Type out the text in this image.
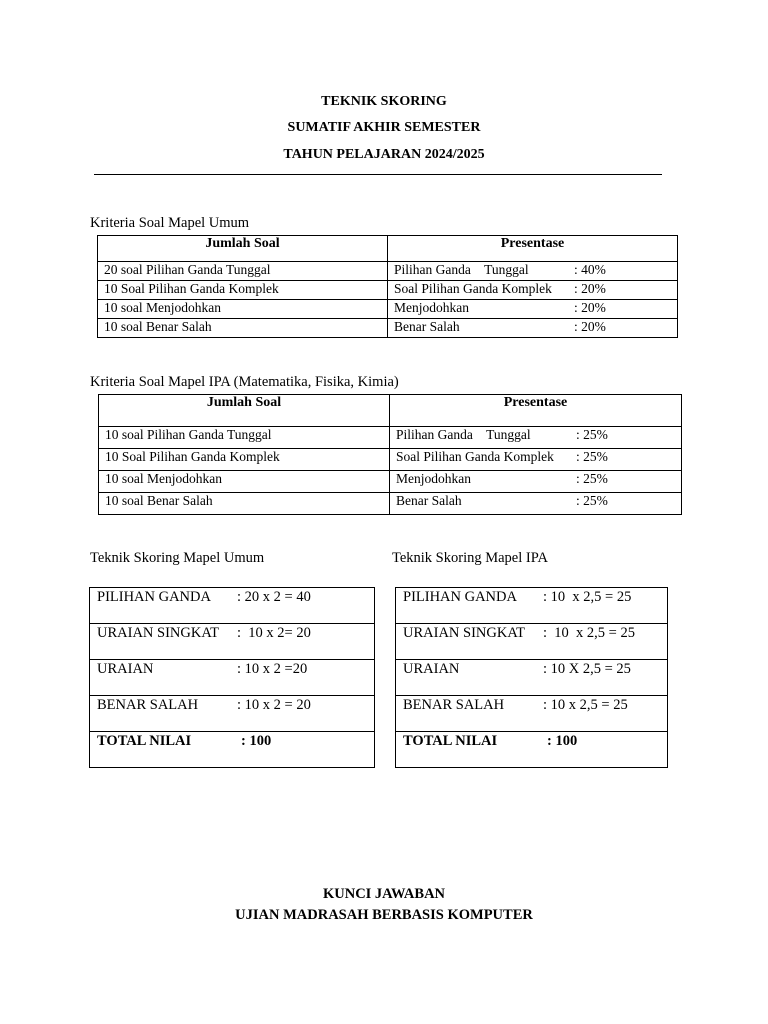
TEKNIK SKORING
SUMATIF AKHIR SEMESTER
TAHUN PELAJARAN 2024/2025
Kriteria Soal Mapel Umum
Jumlah Soal	Presentase
20 soal Pilihan Ganda Tunggal	Pilihan Ganda    Tunggal : 40%
10 Soal Pilihan Ganda Komplek	Soal Pilihan Ganda Komplek : 20%
10 soal Menjodohkan	Menjodohkan : 20%
10 soal Benar Salah	Benar Salah : 20%
Kriteria Soal Mapel IPA (Matematika, Fisika, Kimia)
Jumlah Soal	Presentase
10 soal Pilihan Ganda Tunggal	Pilihan Ganda    Tunggal : 25%
10 Soal Pilihan Ganda Komplek	Soal Pilihan Ganda Komplek : 25%
10 soal Menjodohkan	Menjodohkan : 25%
10 soal Benar Salah	Benar Salah : 25%
Teknik Skoring Mapel Umum	Teknik Skoring Mapel IPA
PILIHAN GANDA : 20 x 2 = 40
URAIAN SINGKAT :  10 x 2= 20
URAIAN	: 10 x 2 =20
BENAR SALAH	: 10 x 2 = 20
TOTAL NILAI	: 100
PILIHAN GANDA : 10  x 2,5 = 25
URAIAN SINGKAT :  10  x 2,5 = 25
URAIAN	: 10 X 2,5 = 25
BENAR SALAH	: 10 x 2,5 = 25
TOTAL NILAI	: 100
KUNCI JAWABAN
UJIAN MADRASAH BERBASIS KOMPUTER
